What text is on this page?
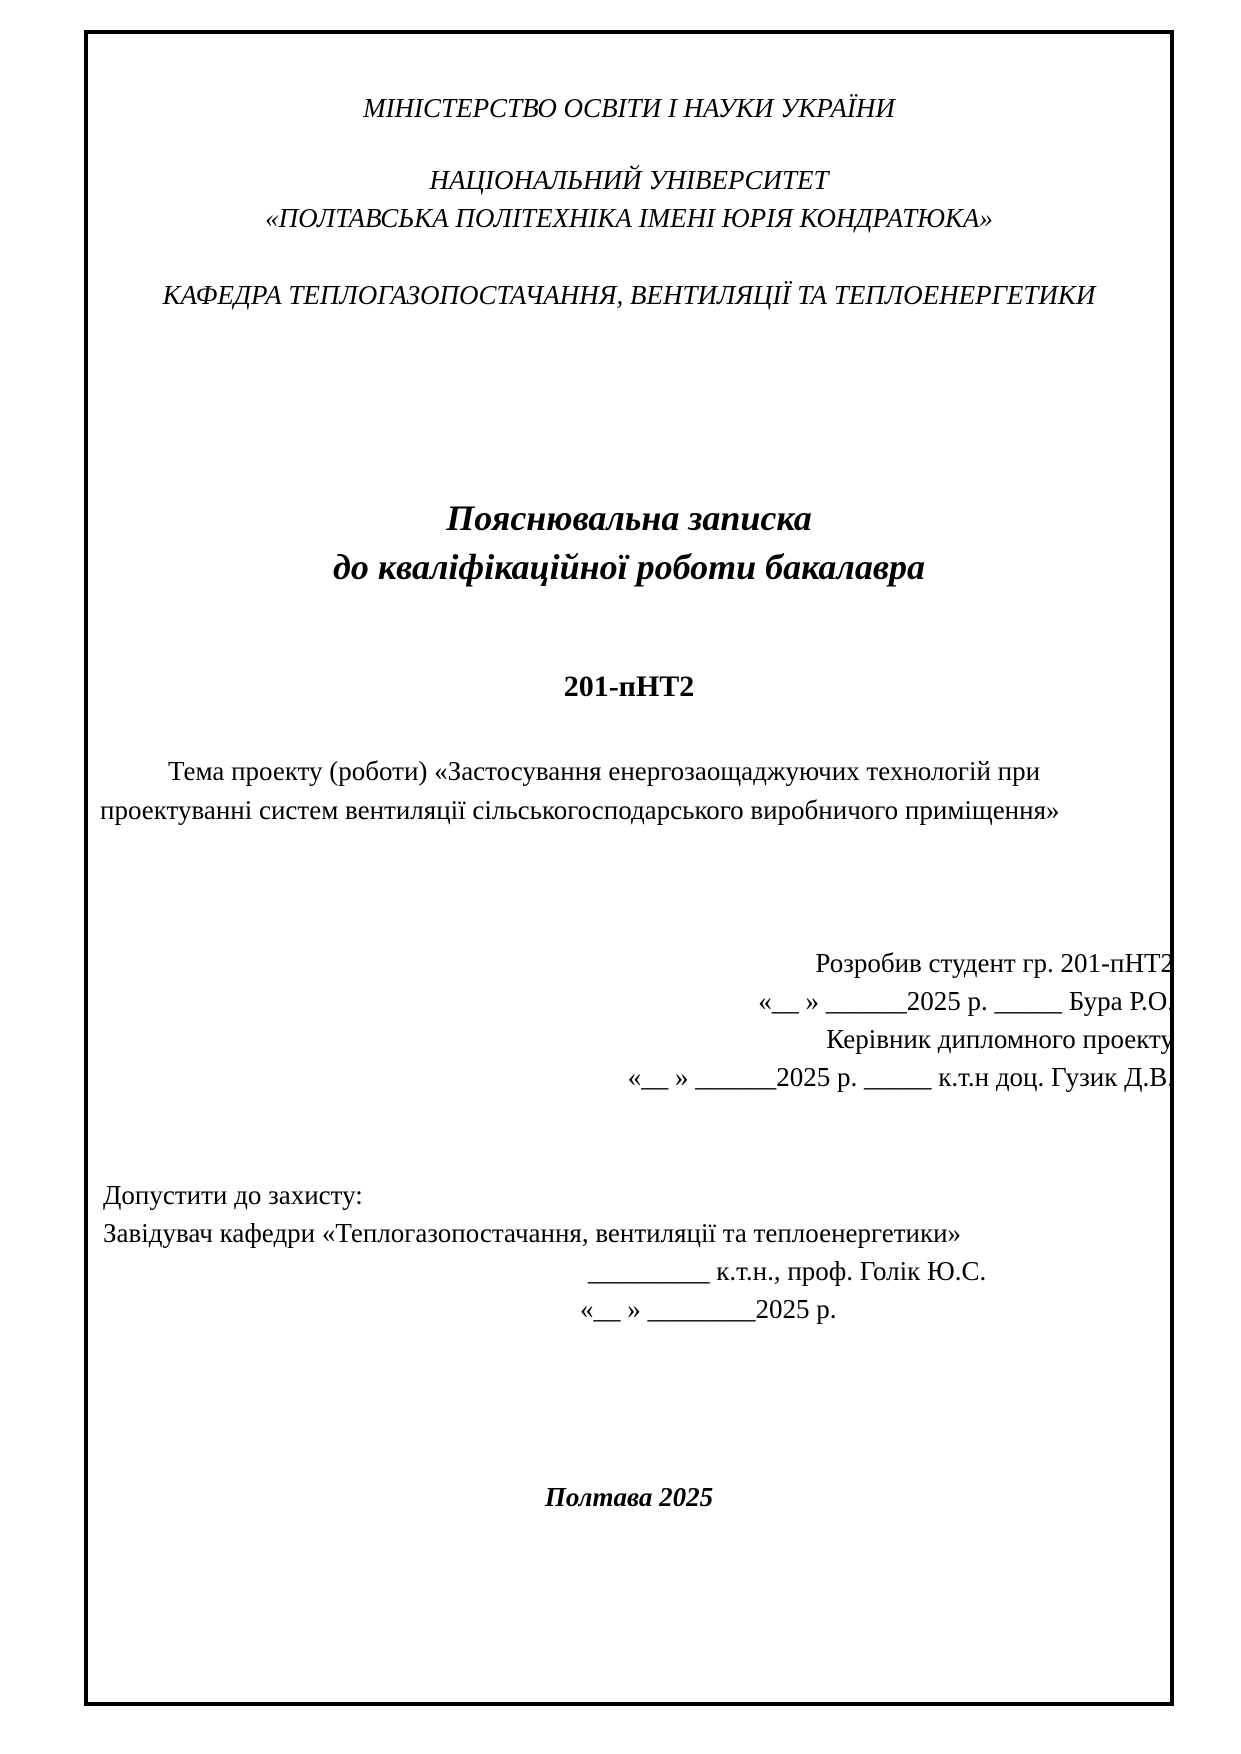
МІНІСТЕРСТВО ОСВІТИ І НАУКИ УКРАЇНИ
НАЦІОНАЛЬНИЙ УНІВЕРСИТЕТ
«ПОЛТАВСЬКА ПОЛІТЕХНІКА ІМЕНІ ЮРІЯ КОНДРАТЮКА»
КАФЕДРА ТЕПЛОГАЗОПОСТАЧАННЯ, ВЕНТИЛЯЦІЇ ТА ТЕПЛОЕНЕРГЕТИКИ
Пояснювальна записка
до кваліфікаційної роботи бакалавра
201-пНТ2
Тема проекту (роботи) «Застосування енергозаощаджуючих технологій при
проектуванні систем вентиляції сільськогосподарського виробничого приміщення»
Розробив студент гр. 201-пНТ2
«__ » ______2025 р. _____ Бура Р.О.
Керівник дипломного проекту
«__ » ______2025 р. _____ к.т.н доц. Гузик Д.В.
Допустити до захисту:
Завідувач кафедри «Теплогазопостачання, вентиляції та теплоенергетики»
_________ к.т.н., проф. Голік Ю.С.
«__ » ________2025 р.
Полтава 2025
